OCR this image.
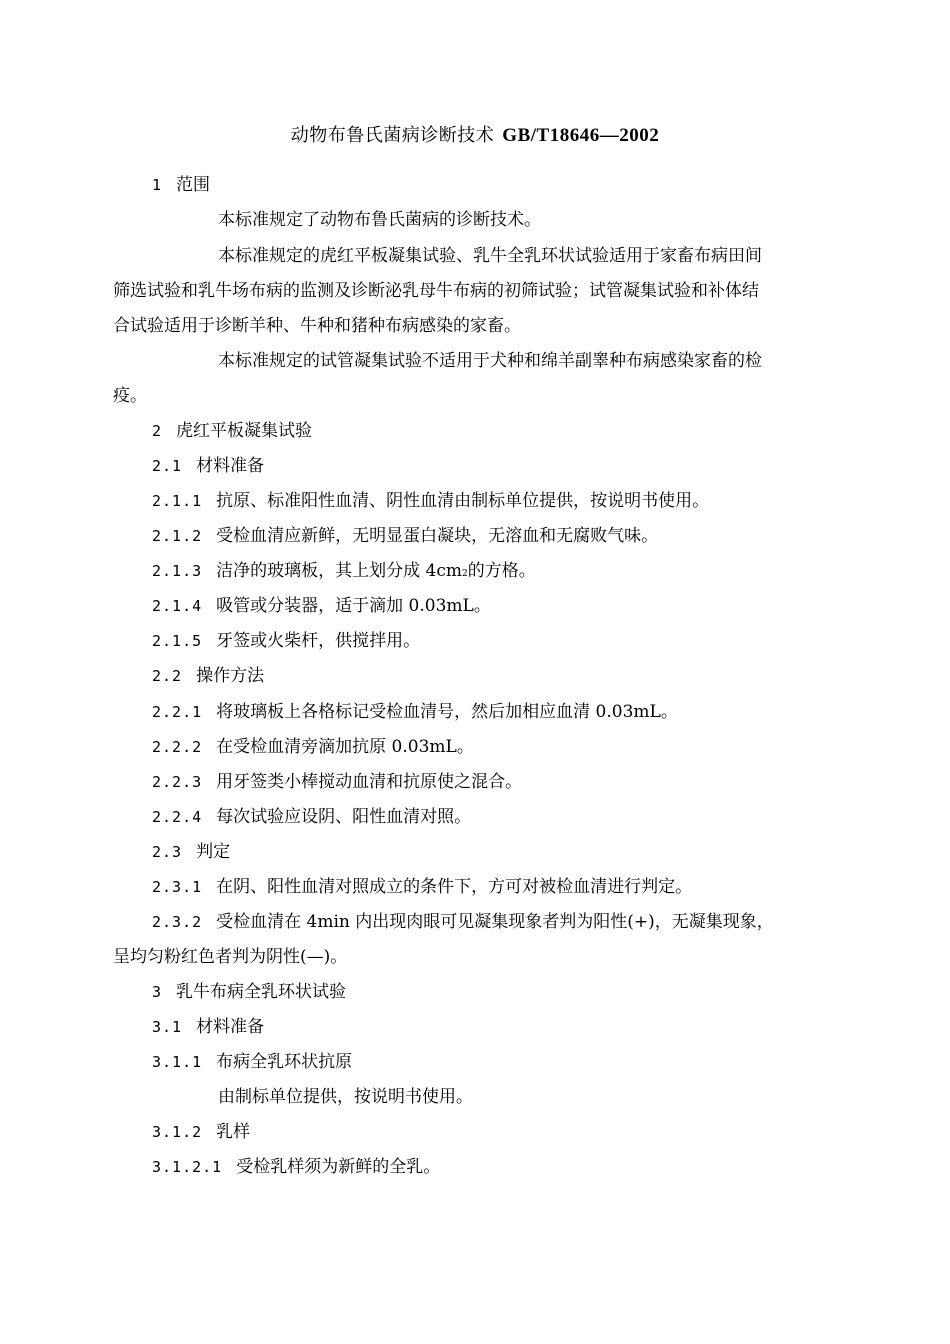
动物布鲁氏菌病诊断技术 GB/T18646—2002
1 范围
本标准规定了动物布鲁氏菌病的诊断技术。
本标准规定的虎红平板凝集试验、乳牛全乳环状试验适用于家畜布病田间
筛选试验和乳牛场布病的监测及诊断泌乳母牛布病的初筛试验；试管凝集试验和补体结
合试验适用于诊断羊种、牛种和猪种布病感染的家畜。
本标准规定的试管凝集试验不适用于犬种和绵羊副睾种布病感染家畜的检
疫。
2 虎红平板凝集试验
2.1 材料准备
2.1.1 抗原、标准阳性血清、阴性血清由制标单位提供，按说明书使用。
2.1.2 受检血清应新鲜，无明显蛋白凝块，无溶血和无腐败气味。
2.1.3 洁净的玻璃板，其上划分成 4cm2的方格。
2.1.4 吸管或分装器，适于滴加 0.03mL。
2.1.5 牙签或火柴杆，供搅拌用。
2.2 操作方法
2.2.1 将玻璃板上各格标记受检血清号，然后加相应血清 0.03mL。
2.2.2 在受检血清旁滴加抗原 0.03mL。
2.2.3 用牙签类小棒搅动血清和抗原使之混合。
2.2.4 每次试验应设阴、阳性血清对照。
2.3 判定
2.3.1 在阴、阳性血清对照成立的条件下，方可对被检血清进行判定。
2.3.2 受检血清在 4min 内出现肉眼可见凝集现象者判为阳性(+)，无凝集现象，
呈均匀粉红色者判为阴性(—)。
3 乳牛布病全乳环状试验
3.1 材料准备
3.1.1 布病全乳环状抗原
由制标单位提供，按说明书使用。
3.1.2 乳样
3.1.2.1 受检乳样须为新鲜的全乳。
